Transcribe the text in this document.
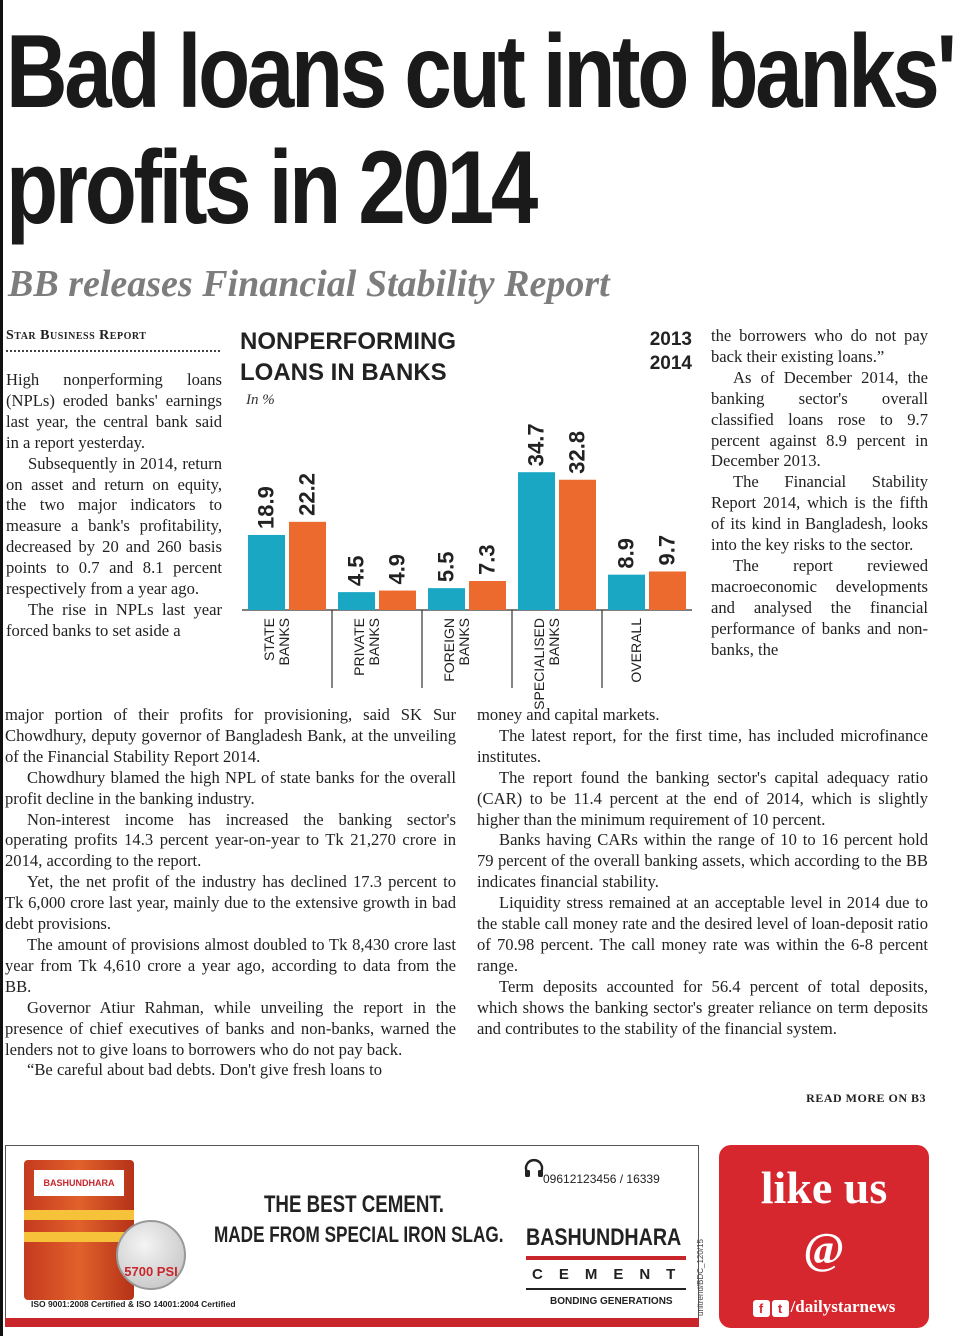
Bad loans cut into banks'
profits in 2014
BB releases Financial Stability Report
Star Business Report

High nonperforming loans (NPLs) eroded banks' earnings last year, the central bank said in a report yesterday.

Subsequently in 2014, return on asset and return on equity, the two major indicators to measure a bank's profitability, decreased by 20 and 260 basis points to 0.7 and 8.1 percent respectively from a year ago.

The rise in NPLs last year forced banks to set aside a

major portion of their profits for provisioning, said SK Sur Chowdhury, deputy governor of Bangladesh Bank, at the unveiling of the Financial Stability Report 2014.

Chowdhury blamed the high NPL of state banks for the overall profit decline in the banking industry.

Non-interest income has increased the banking sector's operating profits 14.3 percent year-on-year to Tk 21,270 crore in 2014, according to the report.

Yet, the net profit of the industry has declined 17.3 percent to Tk 6,000 crore last year, mainly due to the extensive growth in bad debt provisions.

The amount of provisions almost doubled to Tk 8,430 crore last year from Tk 4,610 crore a year ago, according to data from the BB.

Governor Atiur Rahman, while unveiling the report in the presence of chief executives of banks and non-banks, warned the lenders not to give loans to borrowers who do not pay back.

“Be careful about bad debts. Don't give fresh loans to

the borrowers who do not pay back their existing loans.”

As of December 2014, the banking sector's overall classified loans rose to 9.7 percent against 8.9 percent in December 2013.

The Financial Stability Report 2014, which is the fifth of its kind in Bangladesh, looks into the key risks to the sector.

The report reviewed macroeconomic developments and analysed the financial performance of banks and non-banks, the

money and capital markets.

The latest report, for the first time, has included microfinance institutes.

The report found the banking sector's capital adequacy ratio (CAR) to be 11.4 percent at the end of 2014, which is slightly higher than the minimum requirement of 10 percent.

Banks having CARs within the range of 10 to 16 percent hold 79 percent of the overall banking assets, which according to the BB indicates financial stability.

Liquidity stress remained at an acceptable level in 2014 due to the stable call money rate and the desired level of loan-deposit ratio of 70.98 percent. The call money rate was within the 6-8 percent range.

Term deposits accounted for 56.4 percent of total deposits, which shows the banking sector's greater reliance on term deposits and contributes to the stability of the financial system.

READ MORE ON B3
NONPERFORMING
LOANS IN BANKS
In %
2013
2014
18.9 22.2
STATE BANKS
4.5 4.9
PRIVATE BANKS
5.5 7.3
FOREIGN BANKS
34.7 32.8
SPECIALISED BANKS
8.9 9.7
OVERALL
BASHUNDHARA
5700 PSI
ISO 9001:2008 Certified & ISO 14001:2004 Certified
THE BEST CEMENT.
MADE FROM SPECIAL IRON SLAG.
09612123456 / 16339
BASHUNDHARA
CEMENT
BONDING GENERATIONS	unitrend/BDC_120/15
like us
@
f t /dailystarnews
